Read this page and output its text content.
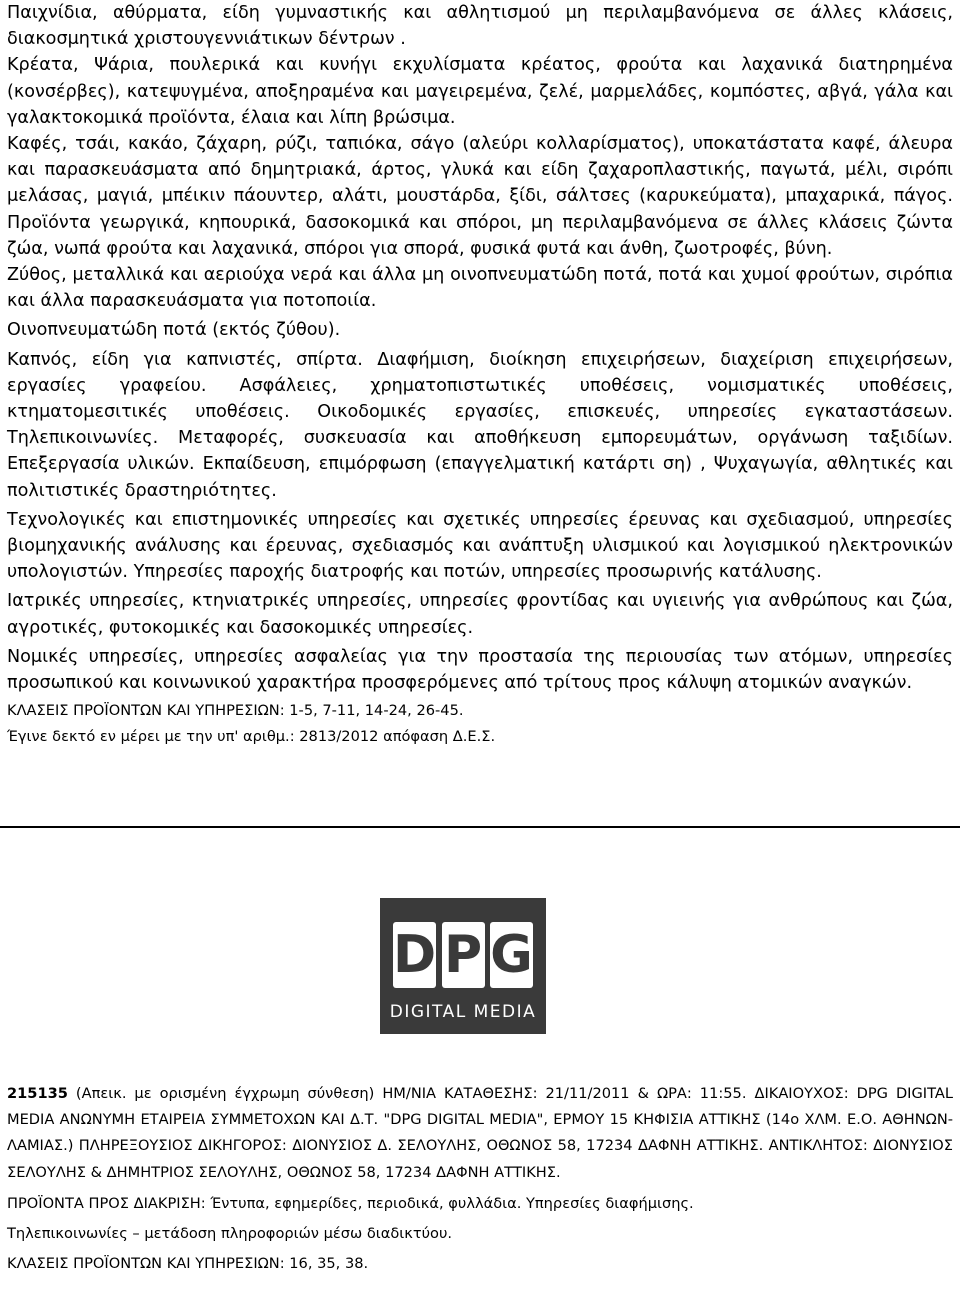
Παιχνίδια, αθύρματα, είδη γυμναστικής και αθλητισμού μη περιλαμβανόμενα σε άλλες κλάσεις, διακοσμητικά χριστουγεννιάτικων δέντρων .

Κρέατα, Ψάρια, πουλερικά και κυνήγι εκχυλίσματα κρέατος, φρούτα και λαχανικά διατηρημένα (κονσέρβες), κατεψυγμένα, αποξηραμένα και μαγειρεμένα, ζελέ, μαρμελάδες, κομπόστες, αβγά, γάλα και γαλακτοκομικά προϊόντα, έλαια και λίπη βρώσιμα.

Καφές, τσάι, κακάο, ζάχαρη, ρύζι, ταπιόκα, σάγο (αλεύρι κολλαρίσματος), υποκατάστατα καφέ, άλευρα και παρασκευάσματα από δημητριακά, άρτος, γλυκά και είδη ζαχαροπλαστικής, παγωτά, μέλι, σιρόπι μελάσας, μαγιά, μπέικιν πάουντερ, αλάτι, μουστάρδα, ξίδι, σάλτσες (καρυκεύματα), μπαχαρικά, πάγος. Προϊόντα γεωργικά, κηπουρικά, δασοκομικά και σπόροι, μη περιλαμβανόμενα σε άλλες κλάσεις ζώντα ζώα, νωπά φρούτα και λαχανικά, σπόροι για σπορά, φυσικά φυτά και άνθη, ζωοτροφές, βύνη.

Ζύθος, μεταλλικά και αεριούχα νερά και άλλα μη οινοπνευματώδη ποτά, ποτά και χυμοί φρούτων, σιρόπια και άλλα παρασκευάσματα για ποτοποιία.

Οινοπνευματώδη ποτά (εκτός ζύθου).

Καπνός, είδη για καπνιστές, σπίρτα. Διαφήμιση, διοίκηση επιχειρήσεων, διαχείριση επιχειρήσεων, εργασίες γραφείου. Ασφάλειες, χρηματοπιστωτικές υποθέσεις, νομισματικές υποθέσεις, κτηματομεσιτικές υποθέσεις. Οικοδομικές εργασίες, επισκευές, υπηρεσίες εγκαταστάσεων. Τηλεπικοινωνίες. Μεταφορές, συσκευασία και αποθήκευση εμπορευμάτων, οργάνωση ταξιδίων. Επεξεργασία υλικών. Εκπαίδευση, επιμόρφωση (επαγγελματική κατάρτι ση) , Ψυχαγωγία, αθλητικές και πολιτιστικές δραστηριότητες.

Τεχνολογικές και επιστημονικές υπηρεσίες και σχετικές υπηρεσίες έρευνας και σχεδιασμού, υπηρεσίες βιομηχανικής ανάλυσης και έρευνας, σχεδιασμός και ανάπτυξη υλισμικού και λογισμικού ηλεκτρονικών υπολογιστών. Υπηρεσίες παροχής διατροφής και ποτών, υπηρεσίες προσωρινής κατάλυσης.

Ιατρικές υπηρεσίες, κτηνιατρικές υπηρεσίες, υπηρεσίες φροντίδας και υγιεινής για ανθρώπους και ζώα, αγροτικές, φυτοκομικές και δασοκομικές υπηρεσίες.

Νομικές υπηρεσίες, υπηρεσίες ασφαλείας για την προστασία της περιουσίας των ατόμων, υπηρεσίες προσωπικού και κοινωνικού χαρακτήρα προσφερόμενες από τρίτους προς κάλυψη ατομικών αναγκών.

ΚΛΑΣΕΙΣ ΠΡΟΪΟΝΤΩΝ ΚΑΙ ΥΠΗΡΕΣΙΩΝ: 1-5, 7-11, 14-24, 26-45.

Έγινε δεκτό εν μέρει με την υπ' αριθμ.: 2813/2012 απόφαση Δ.Ε.Σ.

D P G
DIGITAL MEDIA

215135 (Απεικ. με ορισμένη έγχρωμη σύνθεση) ΗΜ/ΝΙΑ ΚΑΤΑΘΕΣΗΣ: 21/11/2011 & ΩΡΑ: 11:55. ΔΙΚΑΙΟΥΧΟΣ: DPG DIGITAL MEDIA ΑΝΩΝΥΜΗ ΕΤΑΙΡΕΙΑ ΣΥΜΜΕΤΟΧΩΝ ΚΑΙ Δ.Τ. "DPG DIGITAL MEDIA", ΕΡΜΟΥ 15 ΚΗΦΙΣΙΑ ΑΤΤΙΚΗΣ (14ο ΧΛΜ. Ε.Ο. ΑΘΗΝΩΝ-ΛΑΜΙΑΣ.) ΠΛΗΡΕΞΟΥΣΙΟΣ ΔΙΚΗΓΟΡΟΣ: ΔΙΟΝΥΣΙΟΣ Δ. ΣΕΛΟΥΛΗΣ, ΟΘΩΝΟΣ 58, 17234 ΔΑΦΝΗ ΑΤΤΙΚΗΣ. ΑΝΤΙΚΛΗΤΟΣ: ΔΙΟΝΥΣΙΟΣ ΣΕΛΟΥΛΗΣ & ΔΗΜΗΤΡΙΟΣ ΣΕΛΟΥΛΗΣ, ΟΘΩΝΟΣ 58, 17234 ΔΑΦΝΗ ΑΤΤΙΚΗΣ.

ΠΡΟΪΟΝΤΑ ΠΡΟΣ ΔΙΑΚΡΙΣΗ: Έντυπα, εφημερίδες, περιοδικά, φυλλάδια. Υπηρεσίες διαφήμισης.

Τηλεπικοινωνίες – μετάδοση πληροφοριών μέσω διαδικτύου.

ΚΛΑΣΕΙΣ ΠΡΟΪΟΝΤΩΝ ΚΑΙ ΥΠΗΡΕΣΙΩΝ: 16, 35, 38.
